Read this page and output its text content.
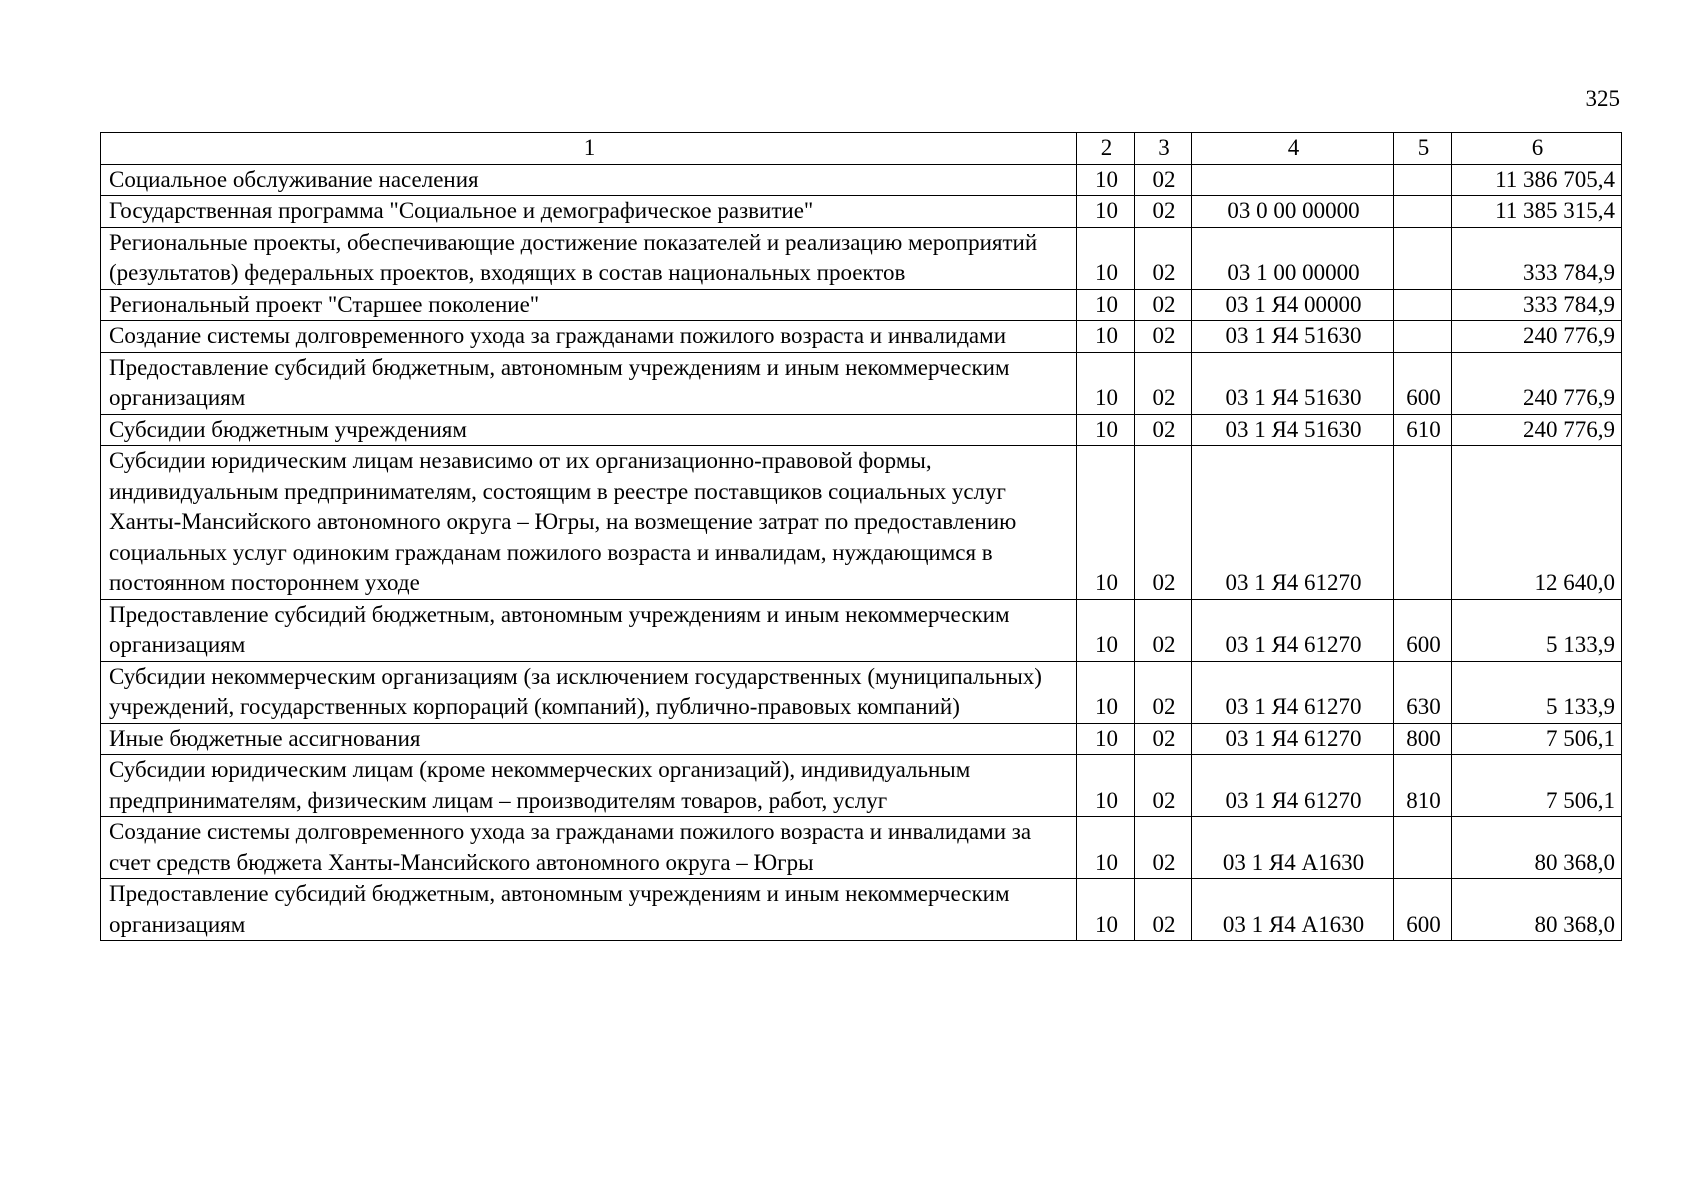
325
1	2	3	4	5	6
Социальное обслуживание населения	10	02			11 386 705,4
Государственная программа "Социальное и демографическое развитие"	10	02	03 0 00 00000		11 385 315,4
Региональные проекты, обеспечивающие достижение показателей и реализацию мероприятий (результатов) федеральных проектов, входящих в состав национальных проектов	10	02	03 1 00 00000		333 784,9
Региональный проект "Старшее поколение"	10	02	03 1 Я4 00000		333 784,9
Создание системы долговременного ухода за гражданами пожилого возраста и инвалидами	10	02	03 1 Я4 51630		240 776,9
Предоставление субсидий бюджетным, автономным учреждениям и иным некоммерческим организациям	10	02	03 1 Я4 51630	600	240 776,9
Субсидии бюджетным учреждениям	10	02	03 1 Я4 51630	610	240 776,9
Субсидии юридическим лицам независимо от их организационно-правовой формы, индивидуальным предпринимателям, состоящим в реестре поставщиков социальных услуг Ханты-Мансийского автономного округа – Югры, на возмещение затрат по предоставлению социальных услуг одиноким гражданам пожилого возраста и инвалидам, нуждающимся в постоянном постороннем уходе	10	02	03 1 Я4 61270		12 640,0
Предоставление субсидий бюджетным, автономным учреждениям и иным некоммерческим организациям	10	02	03 1 Я4 61270	600	5 133,9
Субсидии некоммерческим организациям (за исключением государственных (муниципальных) учреждений, государственных корпораций (компаний), публично-правовых компаний)	10	02	03 1 Я4 61270	630	5 133,9
Иные бюджетные ассигнования	10	02	03 1 Я4 61270	800	7 506,1
Субсидии юридическим лицам (кроме некоммерческих организаций), индивидуальным предпринимателям, физическим лицам – производителям товаров, работ, услуг	10	02	03 1 Я4 61270	810	7 506,1
Создание системы долговременного ухода за гражданами пожилого возраста и инвалидами за счет средств бюджета Ханты-Мансийского автономного округа – Югры	10	02	03 1 Я4 А1630		80 368,0
Предоставление субсидий бюджетным, автономным учреждениям и иным некоммерческим организациям	10	02	03 1 Я4 А1630	600	80 368,0
